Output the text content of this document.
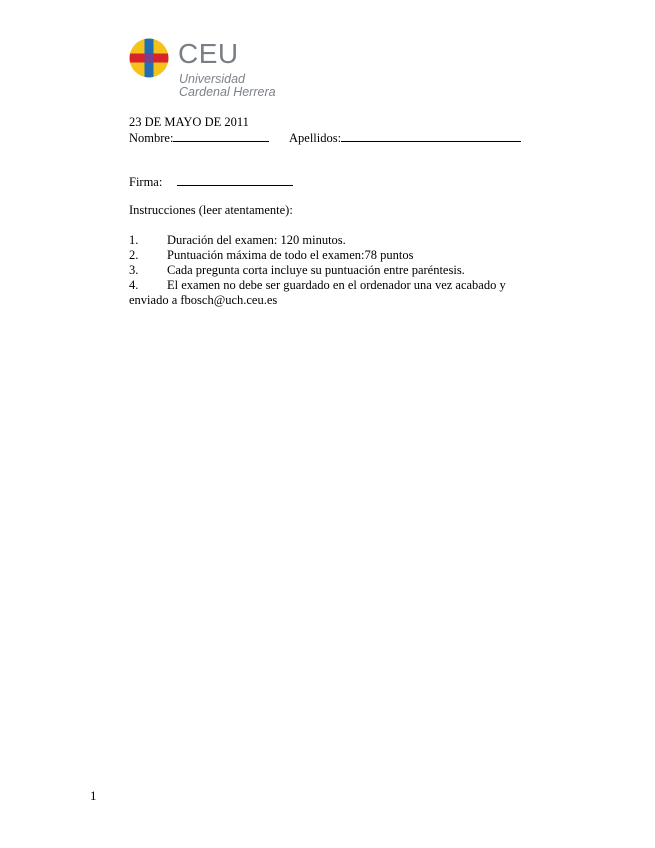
CEU
Universidad
Cardenal Herrera
23 DE MAYO DE 2011
Nombre:	Apellidos:
Firma:
Instrucciones (leer atentamente):
1. Duración del examen: 120 minutos.
2. Puntuación máxima de todo el examen:78 puntos
3. Cada pregunta corta incluye su puntuación entre paréntesis.
4. El examen no debe ser guardado en el ordenador una vez acabado y
enviado a fbosch@uch.ceu.es
1
